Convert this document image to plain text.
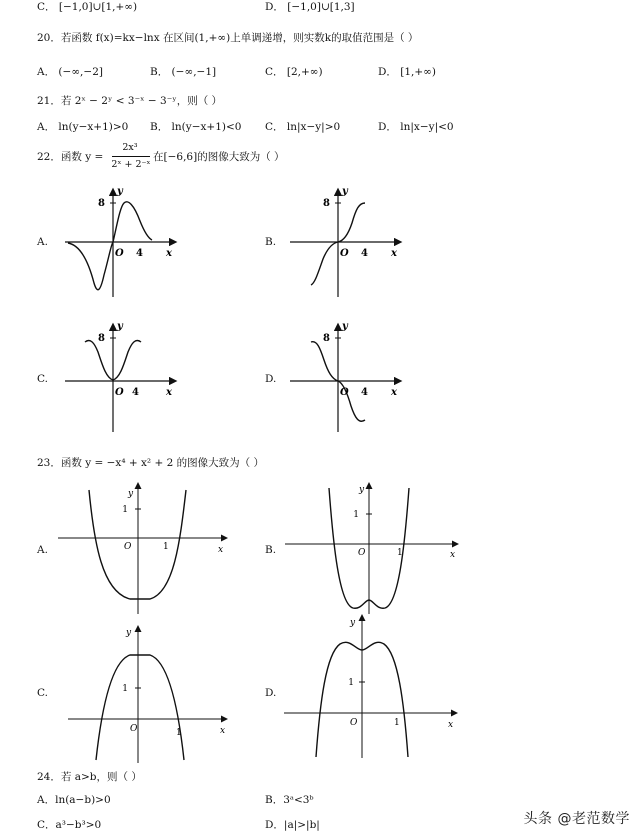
C． [−1,0]∪[1,+∞)	D． [−1,0]∪[1,3]
20．若函数 f(x)=kx−lnx 在区间(1,+∞)上单调递增，则实数k的取值范围是（ ）
A． (−∞,−2]	B． (−∞,−1]	C． [2,+∞)	D． [1,+∞)
21．若 2ˣ − 2ʸ < 3⁻ˣ − 3⁻ʸ，则（ ）
A． ln(y−x+1)>0 B． ln(y−x+1)<0 C． ln|x−y|>0	D． ln|x−y|<0
22．函数 y =
2x³
2ˣ + 2⁻ˣ
在[−6,6]的图像大致为（ ）
A.	B.
C.	D.
8
y
O 4 x
8
y
O 4 x
8
y
O 4	x
8
y
O 4 x
23．函数 y = −x⁴ + x² + 2 的图像大致为（ ）
A.	B.
C.	D.
1
y
O	1	x
1
y
O	1	x
1
y
O	1	x
1
y
O	1	x
24．若 a>b，则（ ）
A．ln(a−b)>0	B．3ᵃ<3ᵇ
C．a³−b³>0	D．|a|>|b|	头条 @老范数学
